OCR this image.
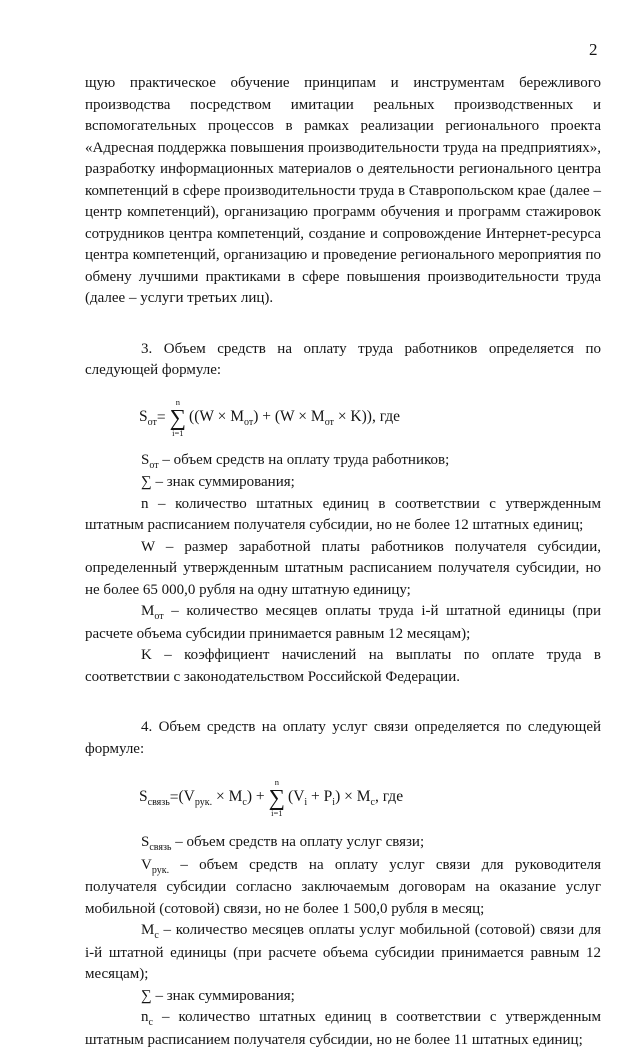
2

щую практическое обучение принципам и инструментам бережливого производства посредством имитации реальных производственных и вспомогательных процессов в рамках реализации регионального проекта «Адресная поддержка повышения производительности труда на предприятиях», разработку информационных материалов о деятельности регионального центра компетенций в сфере производительности труда в Ставропольском крае (далее – центр компетенций), организацию программ обучения и программ стажировок сотрудников центра компетенций, создание и сопровождение Интернет-ресурса центра компетенций, организацию и проведение регионального мероприятия по обмену лучшими практиками в сфере повышения производительности труда (далее – услуги третьих лиц).

3. Объем средств на оплату труда работников определяется по следующей формуле:

$S_{от}$ =
n
∑
i=1
$((W \times M_{от}) + (W \times M_{от} \times K))$, где

$S_{от}$ – объем средств на оплату труда работников;

∑ – знак суммирования;

n – количество штатных единиц в соответствии с утвержденным штатным расписанием получателя субсидии, но не более 12 штатных единиц;

W – размер заработной платы работников получателя субсидии, определенный утвержденным штатным расписанием получателя субсидии, но не более 65 000,0 рубля на одну штатную единицу;

$M_{от}$ – количество месяцев оплаты труда i-й штатной единицы (при расчете объема субсидии принимается равным 12 месяцам);

K – коэффициент начислений на выплаты по оплате труда в соответствии с законодательством Российской Федерации.

4. Объем средств на оплату услуг связи определяется по следующей формуле:

$S_{связь} = (V_{рук.} \times M_с)$ +
n
∑
i=1
$(V_i + P_i) \times M_с$, где

$S_{связь}$ – объем средств на оплату услуг связи;

$V_{рук.}$ – объем средств на оплату услуг связи для руководителя получателя субсидии согласно заключаемым договорам на оказание услуг мобильной (сотовой) связи, но не более 1 500,0 рубля в месяц;

$M_с$ – количество месяцев оплаты услуг мобильной (сотовой) связи для i-й штатной единицы (при расчете объема субсидии принимается равным 12 месяцам);

∑ – знак суммирования;

$n_с$ – количество штатных единиц в соответствии с утвержденным штатным расписанием получателя субсидии, но не более 11 штатных единиц;
